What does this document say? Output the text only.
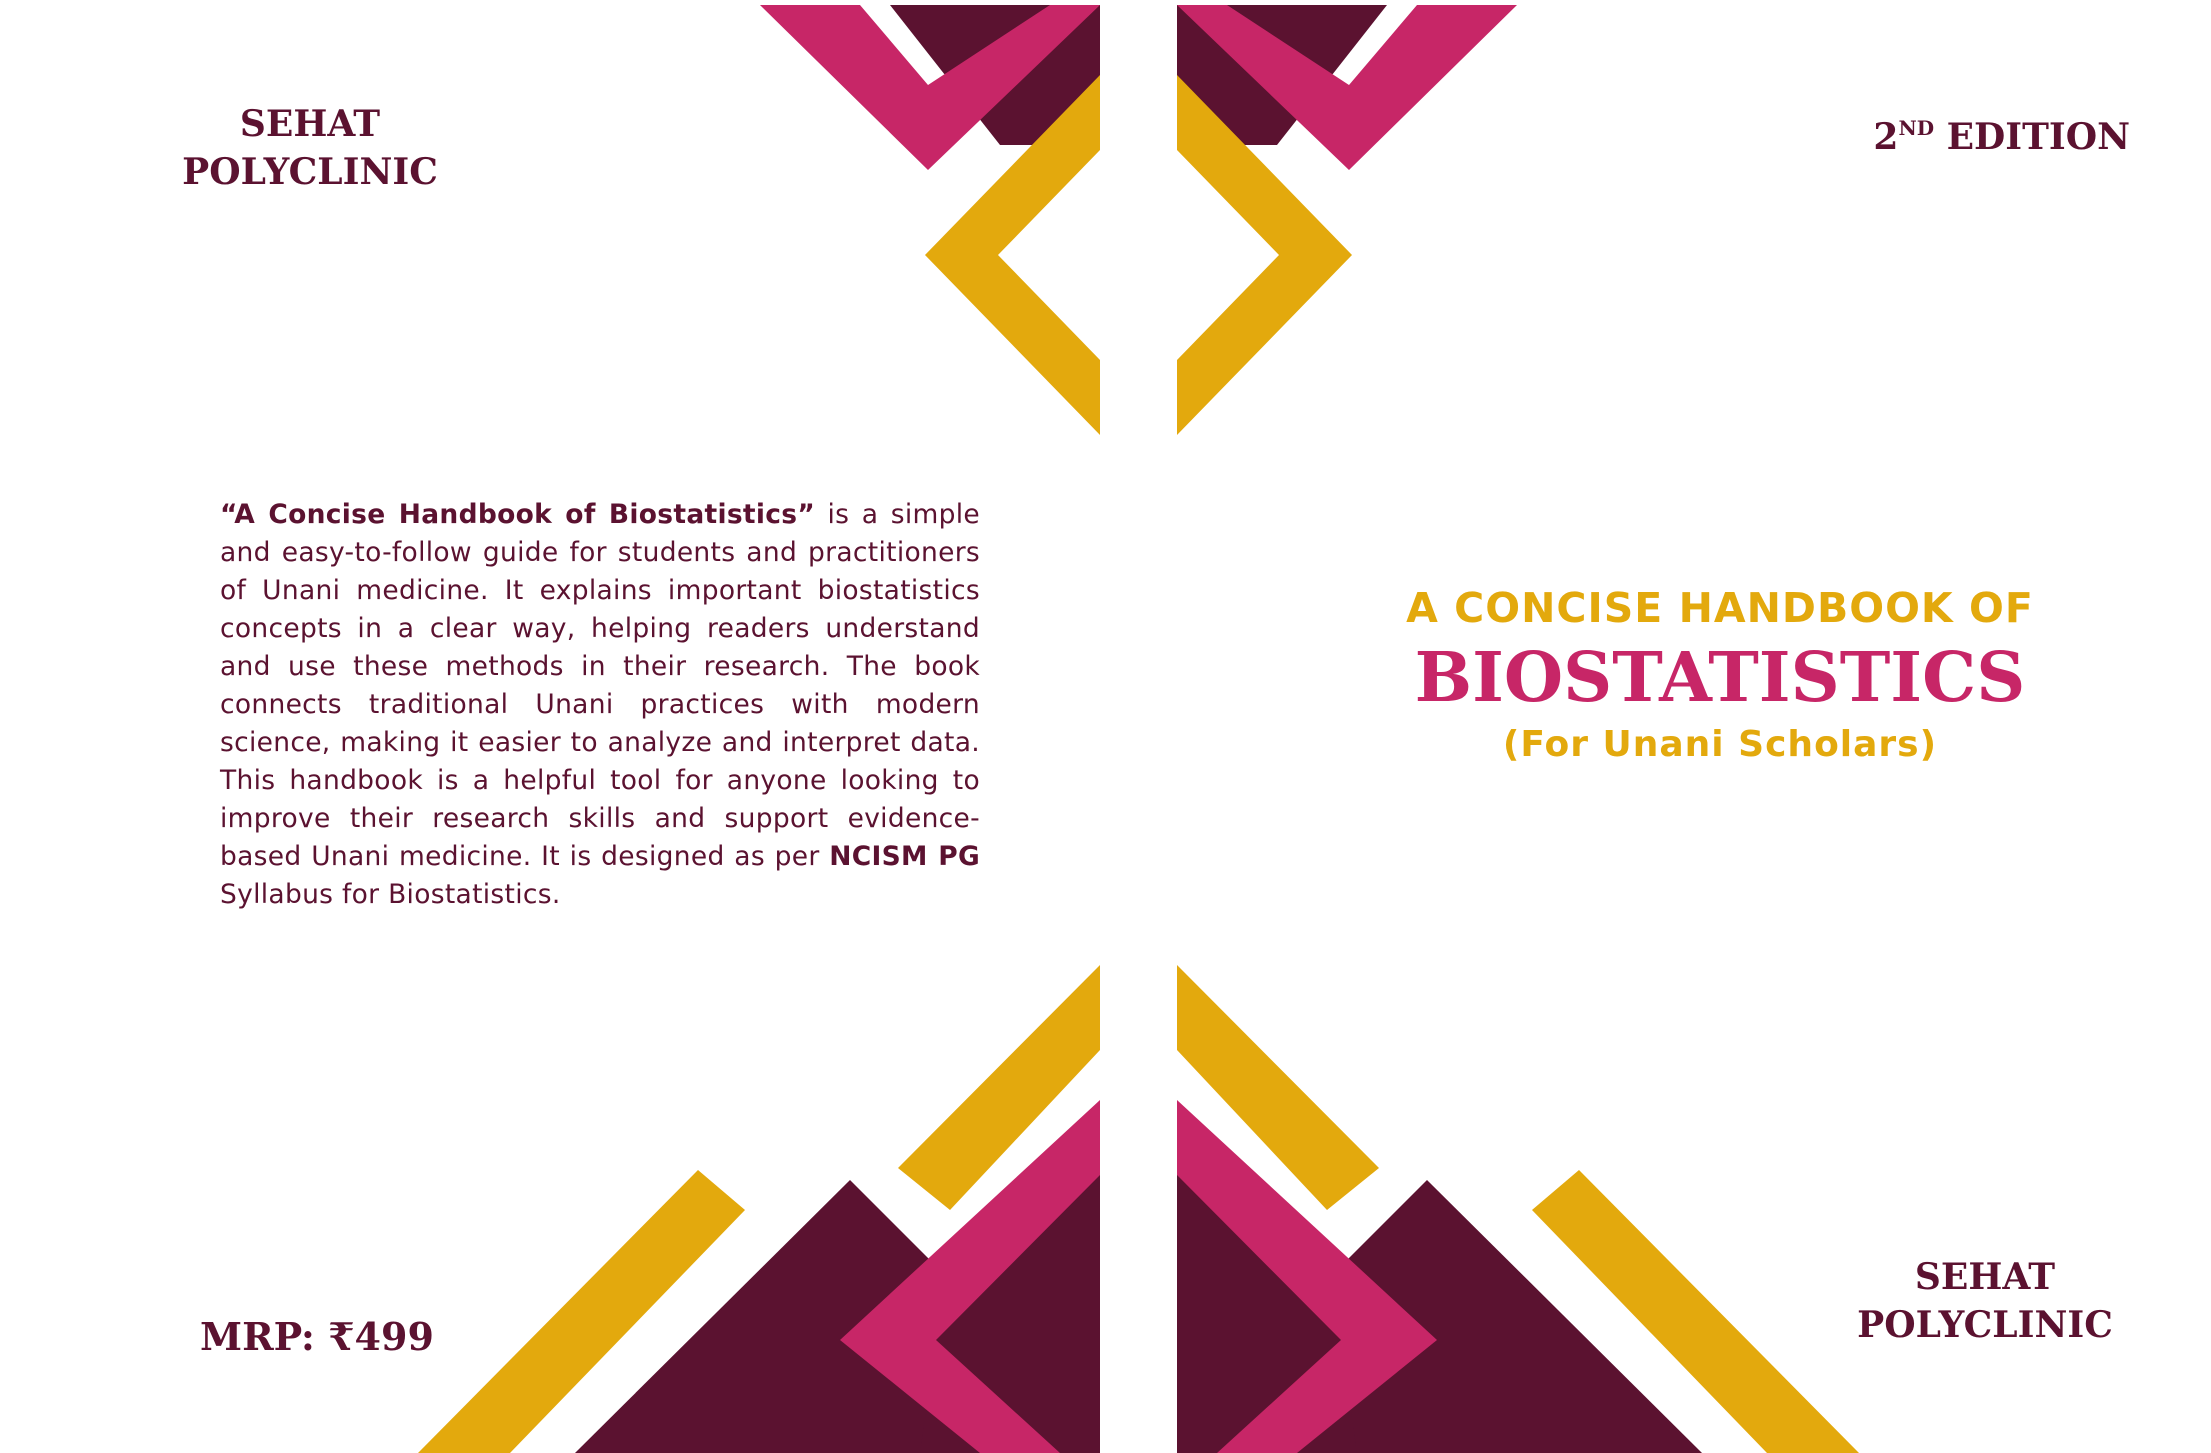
SEHAT
POLYCLINIC
“A Concise Handbook of Biostatistics” is a simple and easy-to-follow guide for students and practitioners of Unani medicine. It explains important biostatistics concepts in a clear way, helping readers understand and use these methods in their research. The book connects traditional Unani practices with modern science, making it easier to analyze and interpret data. This handbook is a helpful tool for anyone looking to improve their research skills and support evidence-based Unani medicine. It is designed as per NCISM PG Syllabus for Biostatistics.
MRP: ₹499
2ND EDITION
A CONCISE HANDBOOK OF
BIOSTATISTICS
(For Unani Scholars)
SEHAT
POLYCLINIC
